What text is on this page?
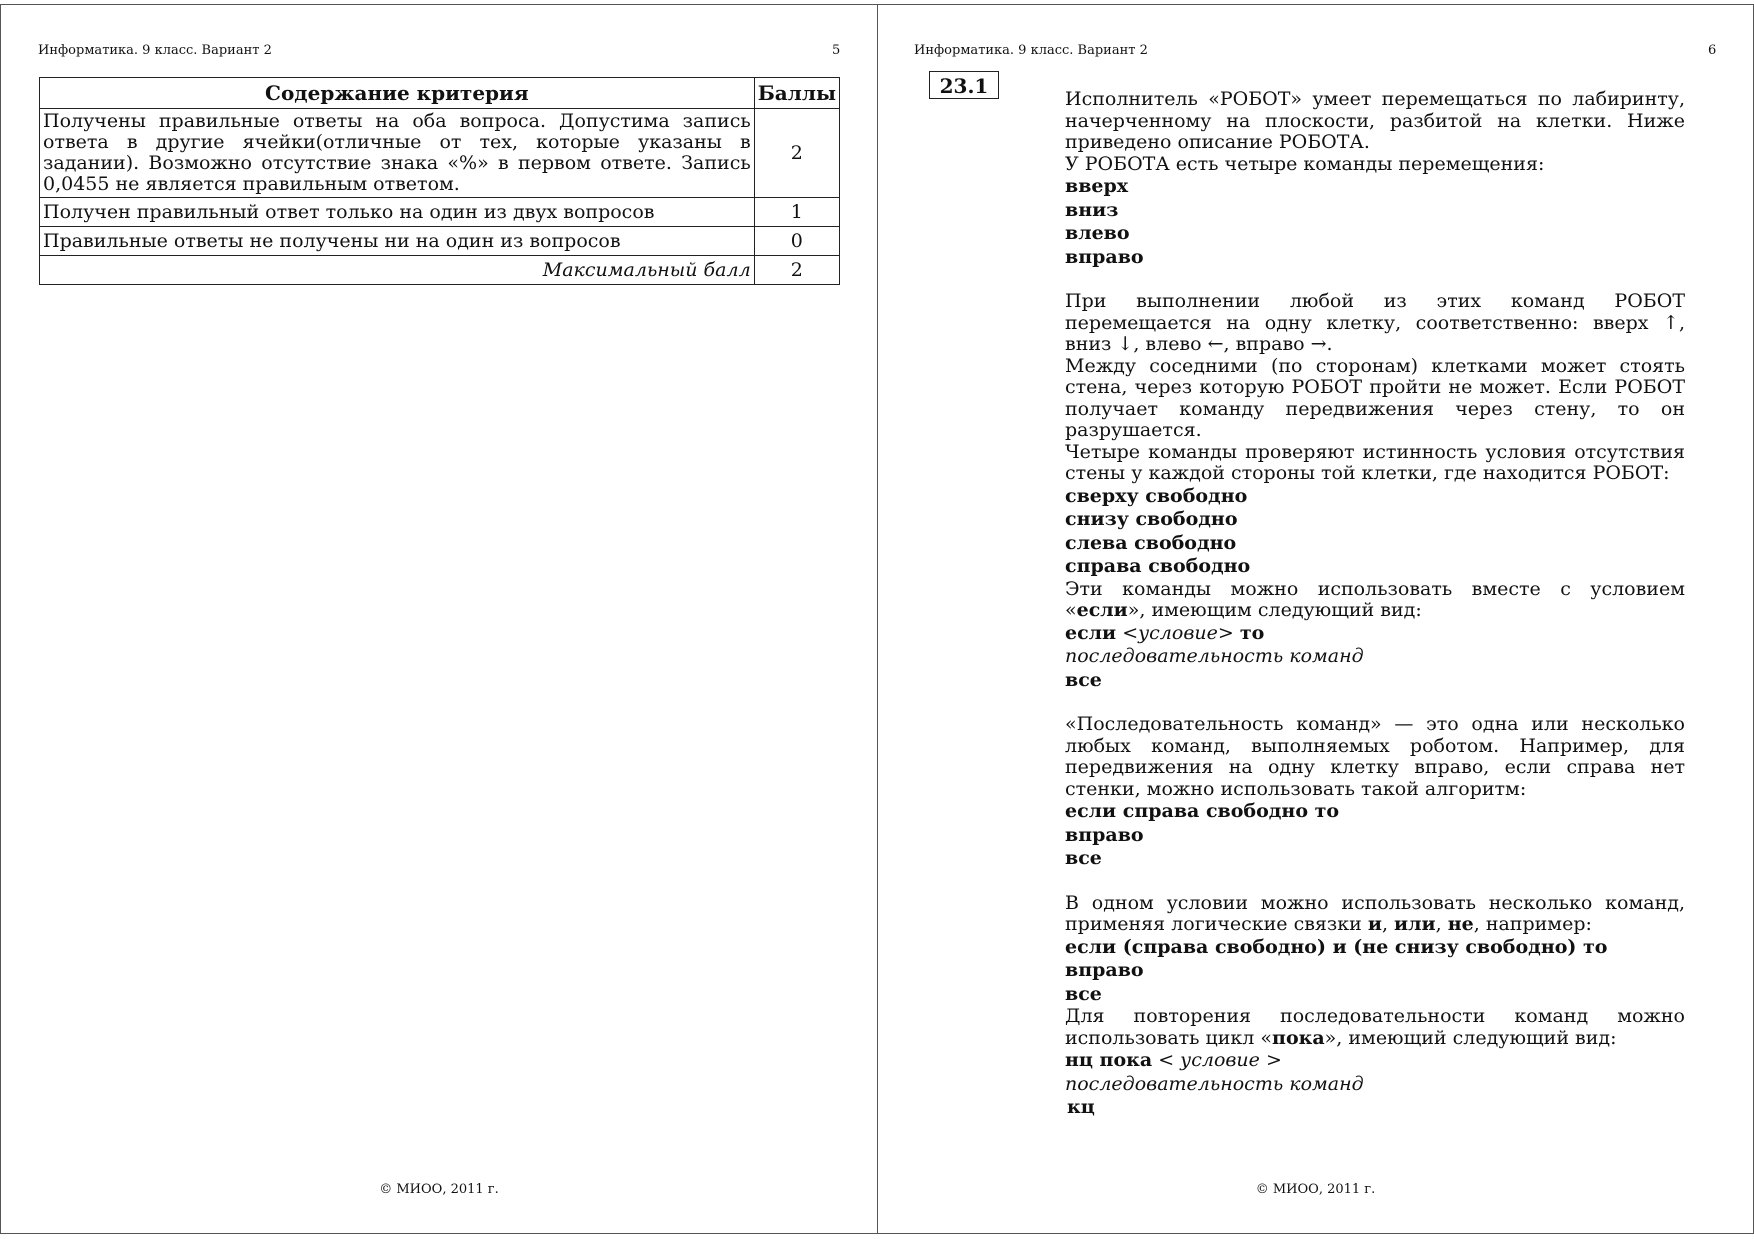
Информатика. 9 класс. Вариант 2	5
Содержание критерия	Баллы
Получены правильные ответы на оба вопроса. Допустима запись ответа в другие ячейки(отличные от тех, которые указаны в задании). Возможно отсутствие знака «%» в первом ответе. Запись 0,0455 не является правильным ответом.	2
Получен правильный ответ только на один из двух вопросов	1
Правильные ответы не получены ни на один из вопросов	0
Максимальный балл	2
© МИОО, 2011 г.
Информатика. 9 класс. Вариант 2	6
23.1

Исполнитель «РОБОТ» умеет перемещаться по лабиринту, начерченному на плоскости, разбитой на клетки. Ниже приведено описание РОБОТА.

У РОБОТА есть четыре команды перемещения:

вверх
вниз
влево
вправо

При выполнении любой из этих команд РОБОТ перемещается на одну клетку, соответственно: вверх ↑, вниз ↓, влево ←, вправо →.

Между соседними (по сторонам) клетками может стоять стена, через которую РОБОТ пройти не может. Если РОБОТ получает команду передвижения через стену, то он разрушается.

Четыре команды проверяют истинность условия отсутствия стены у каждой стороны той клетки, где находится РОБОТ:

сверху свободно
снизу свободно
слева свободно
справа свободно

Эти команды можно использовать вместе с условием «если», имеющим следующий вид:

если <условие> то
последовательность команд
все

«Последовательность команд» — это одна или несколько любых команд, выполняемых роботом. Например, для передвижения на одну клетку вправо, если справа нет стенки, можно использовать такой алгоритм:

если справа свободно то
вправо
все

В одном условии можно использовать несколько команд, применяя логические связки и, или, не, например:

если (справа свободно) и (не снизу свободно) то
вправо
все

Для повторения последовательности команд можно использовать цикл «пока», имеющий следующий вид:

нц пока < условие >
последовательность команд
кц
© МИОО, 2011 г.
